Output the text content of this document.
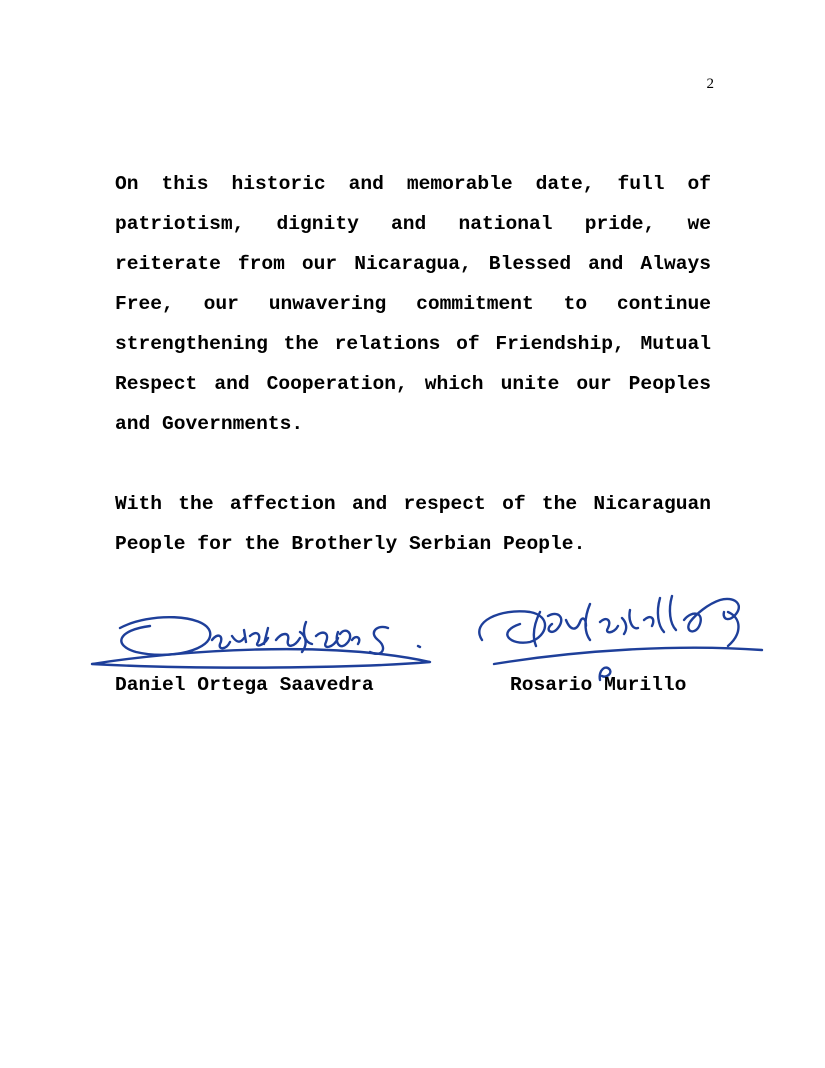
2
On this historic and memorable date, full of patriotism, dignity and national pride, we reiterate from our Nicaragua, Blessed and Always Free, our unwavering commitment to continue strengthening the relations of Friendship, Mutual Respect and Cooperation, which unite our Peoples and Governments.
With the affection and respect of the Nicaraguan People for the Brotherly Serbian People.
Daniel Ortega Saavedra	Rosario Murillo
